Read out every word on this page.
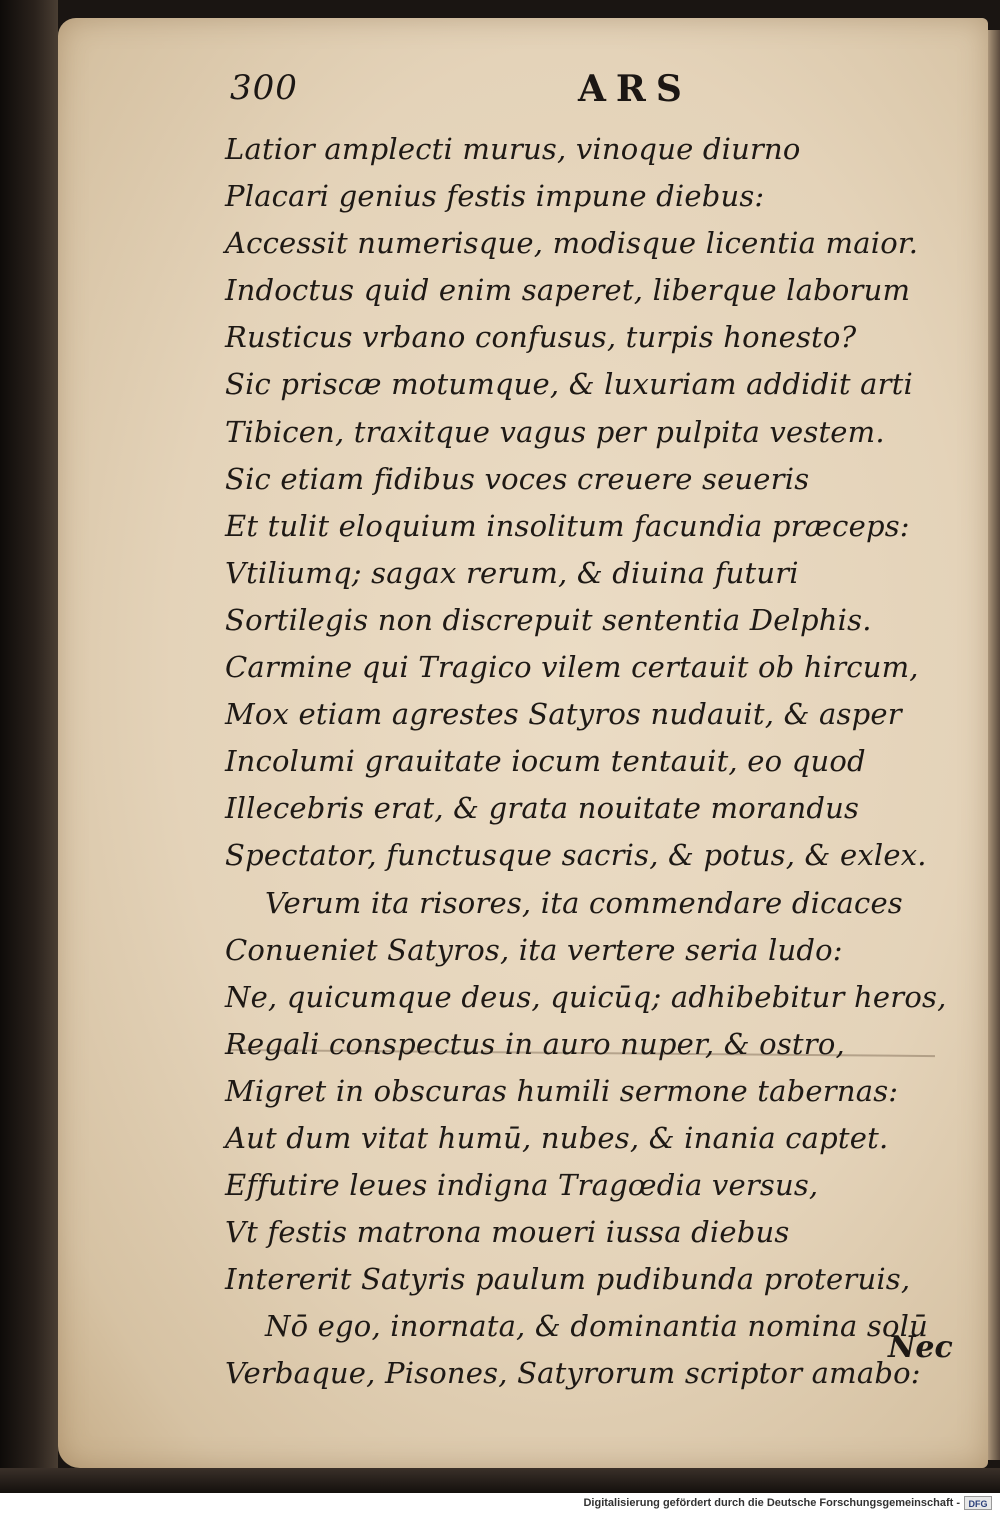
300	ARS
Latior amplecti murus, vinoque diurno
Placari genius festis impune diebus:
Accessit numerisque, modisque licentia maior.
Indoctus quid enim saperet, liberque laborum
Rusticus vrbano confusus, turpis honesto?
Sic priscæ motumque, & luxuriam addidit arti
Tibicen, traxitque vagus per pulpita vestem.
Sic etiam fidibus voces creuere seueris
Et tulit eloquium insolitum facundia præceps:
Vtiliumq; sagax rerum, & diuina futuri
Sortilegis non discrepuit sententia Delphis.
Carmine qui Tragico vilem certauit ob hircum,
Mox etiam agrestes Satyros nudauit, & asper
Incolumi grauitate iocum tentauit, eo quod
Illecebris erat, & grata nouitate morandus
Spectator, functusque sacris, & potus, & exlex.
Verum ita risores, ita commendare dicaces
Conueniet Satyros, ita vertere seria ludo:
Ne, quicumque deus, quicūq; adhibebitur heros,
Regali conspectus in auro nuper, & ostro,
Migret in obscuras humili sermone tabernas:
Aut dum vitat humū, nubes, & inania captet.
Effutire leues indigna Tragœdia versus,
Vt festis matrona moueri iussa diebus
Intererit Satyris paulum pudibunda proteruis,
Nō ego, inornata, & dominantia nomina solū
Verbaque, Pisones, Satyrorum scriptor amabo:
Nec
Digitalisierung gefördert durch die Deutsche Forschungsgemeinschaft - DFG
